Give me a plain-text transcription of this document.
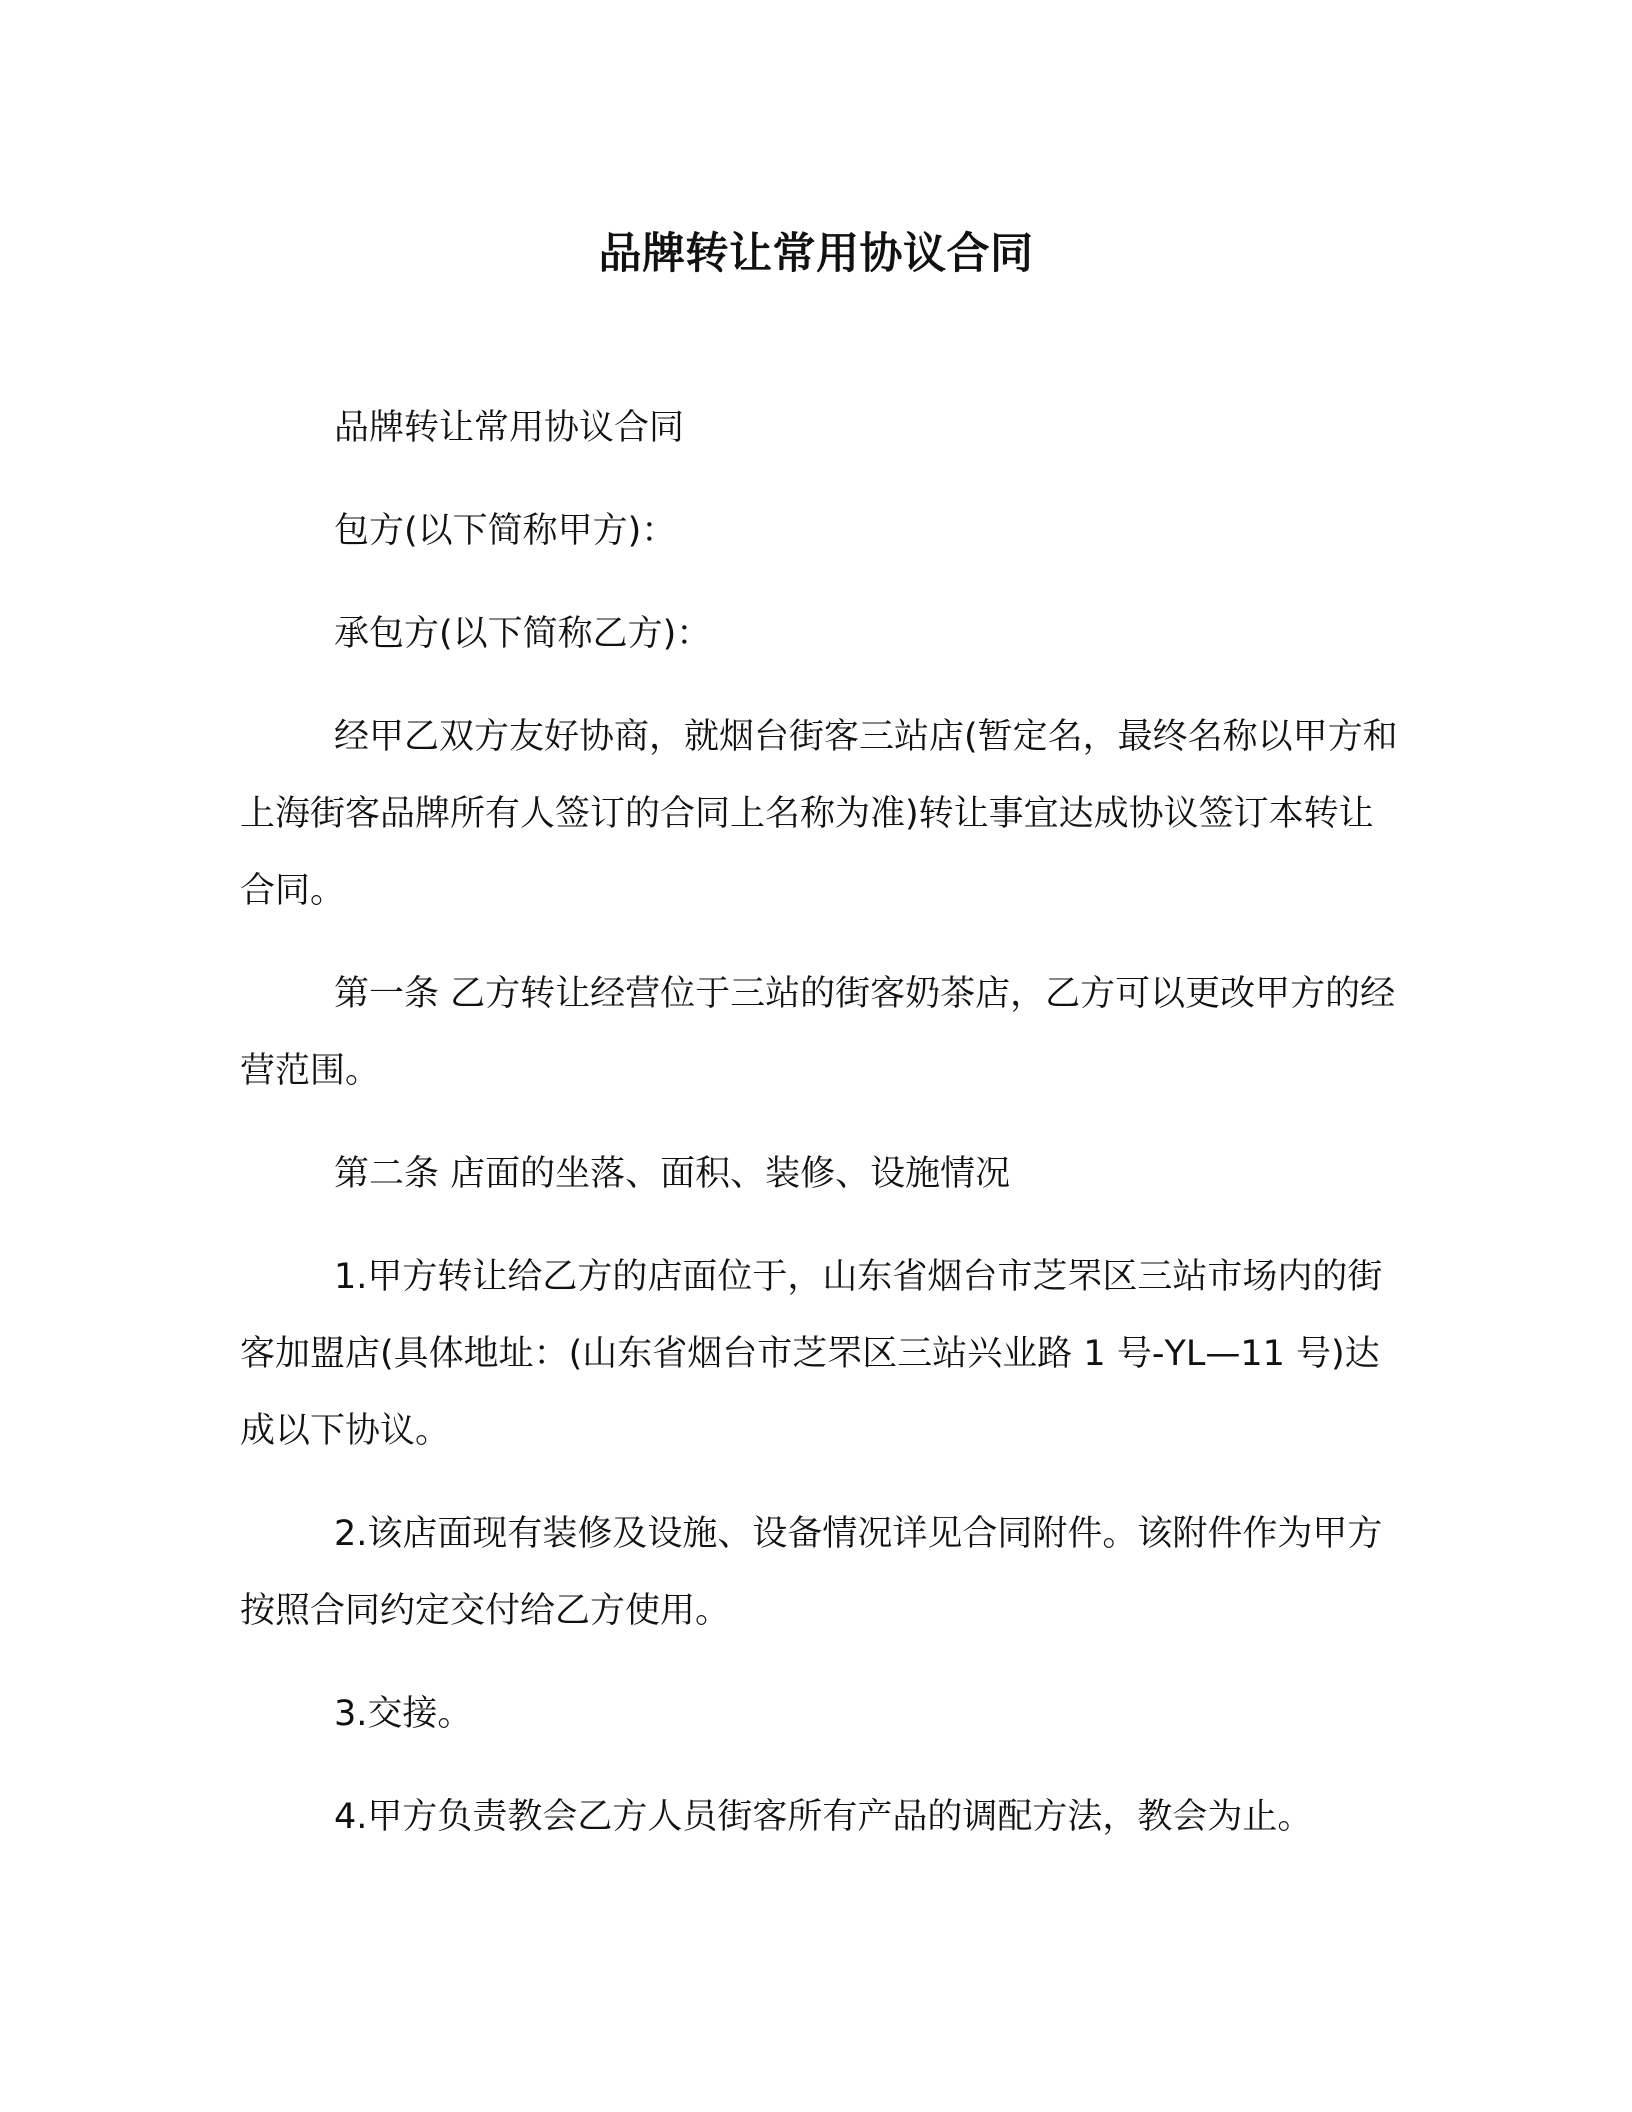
品牌转让常用协议合同

品牌转让常用协议合同

包方(以下简称甲方)：

承包方(以下简称乙方)：

经甲乙双方友好协商，就烟台街客三站店(暂定名，最终名称以甲方和上海街客品牌所有人签订的合同上名称为准)转让事宜达成协议签订本转让合同。

第一条 乙方转让经营位于三站的街客奶茶店，乙方可以更改甲方的经营范围。

第二条 店面的坐落、面积、装修、设施情况

1.甲方转让给乙方的店面位于，山东省烟台市芝罘区三站市场内的街客加盟店(具体地址：(山东省烟台市芝罘区三站兴业路 1 号-YL—11 号)达成以下协议。

2.该店面现有装修及设施、设备情况详见合同附件。该附件作为甲方按照合同约定交付给乙方使用。

3.交接。

4.甲方负责教会乙方人员街客所有产品的调配方法，教会为止。
